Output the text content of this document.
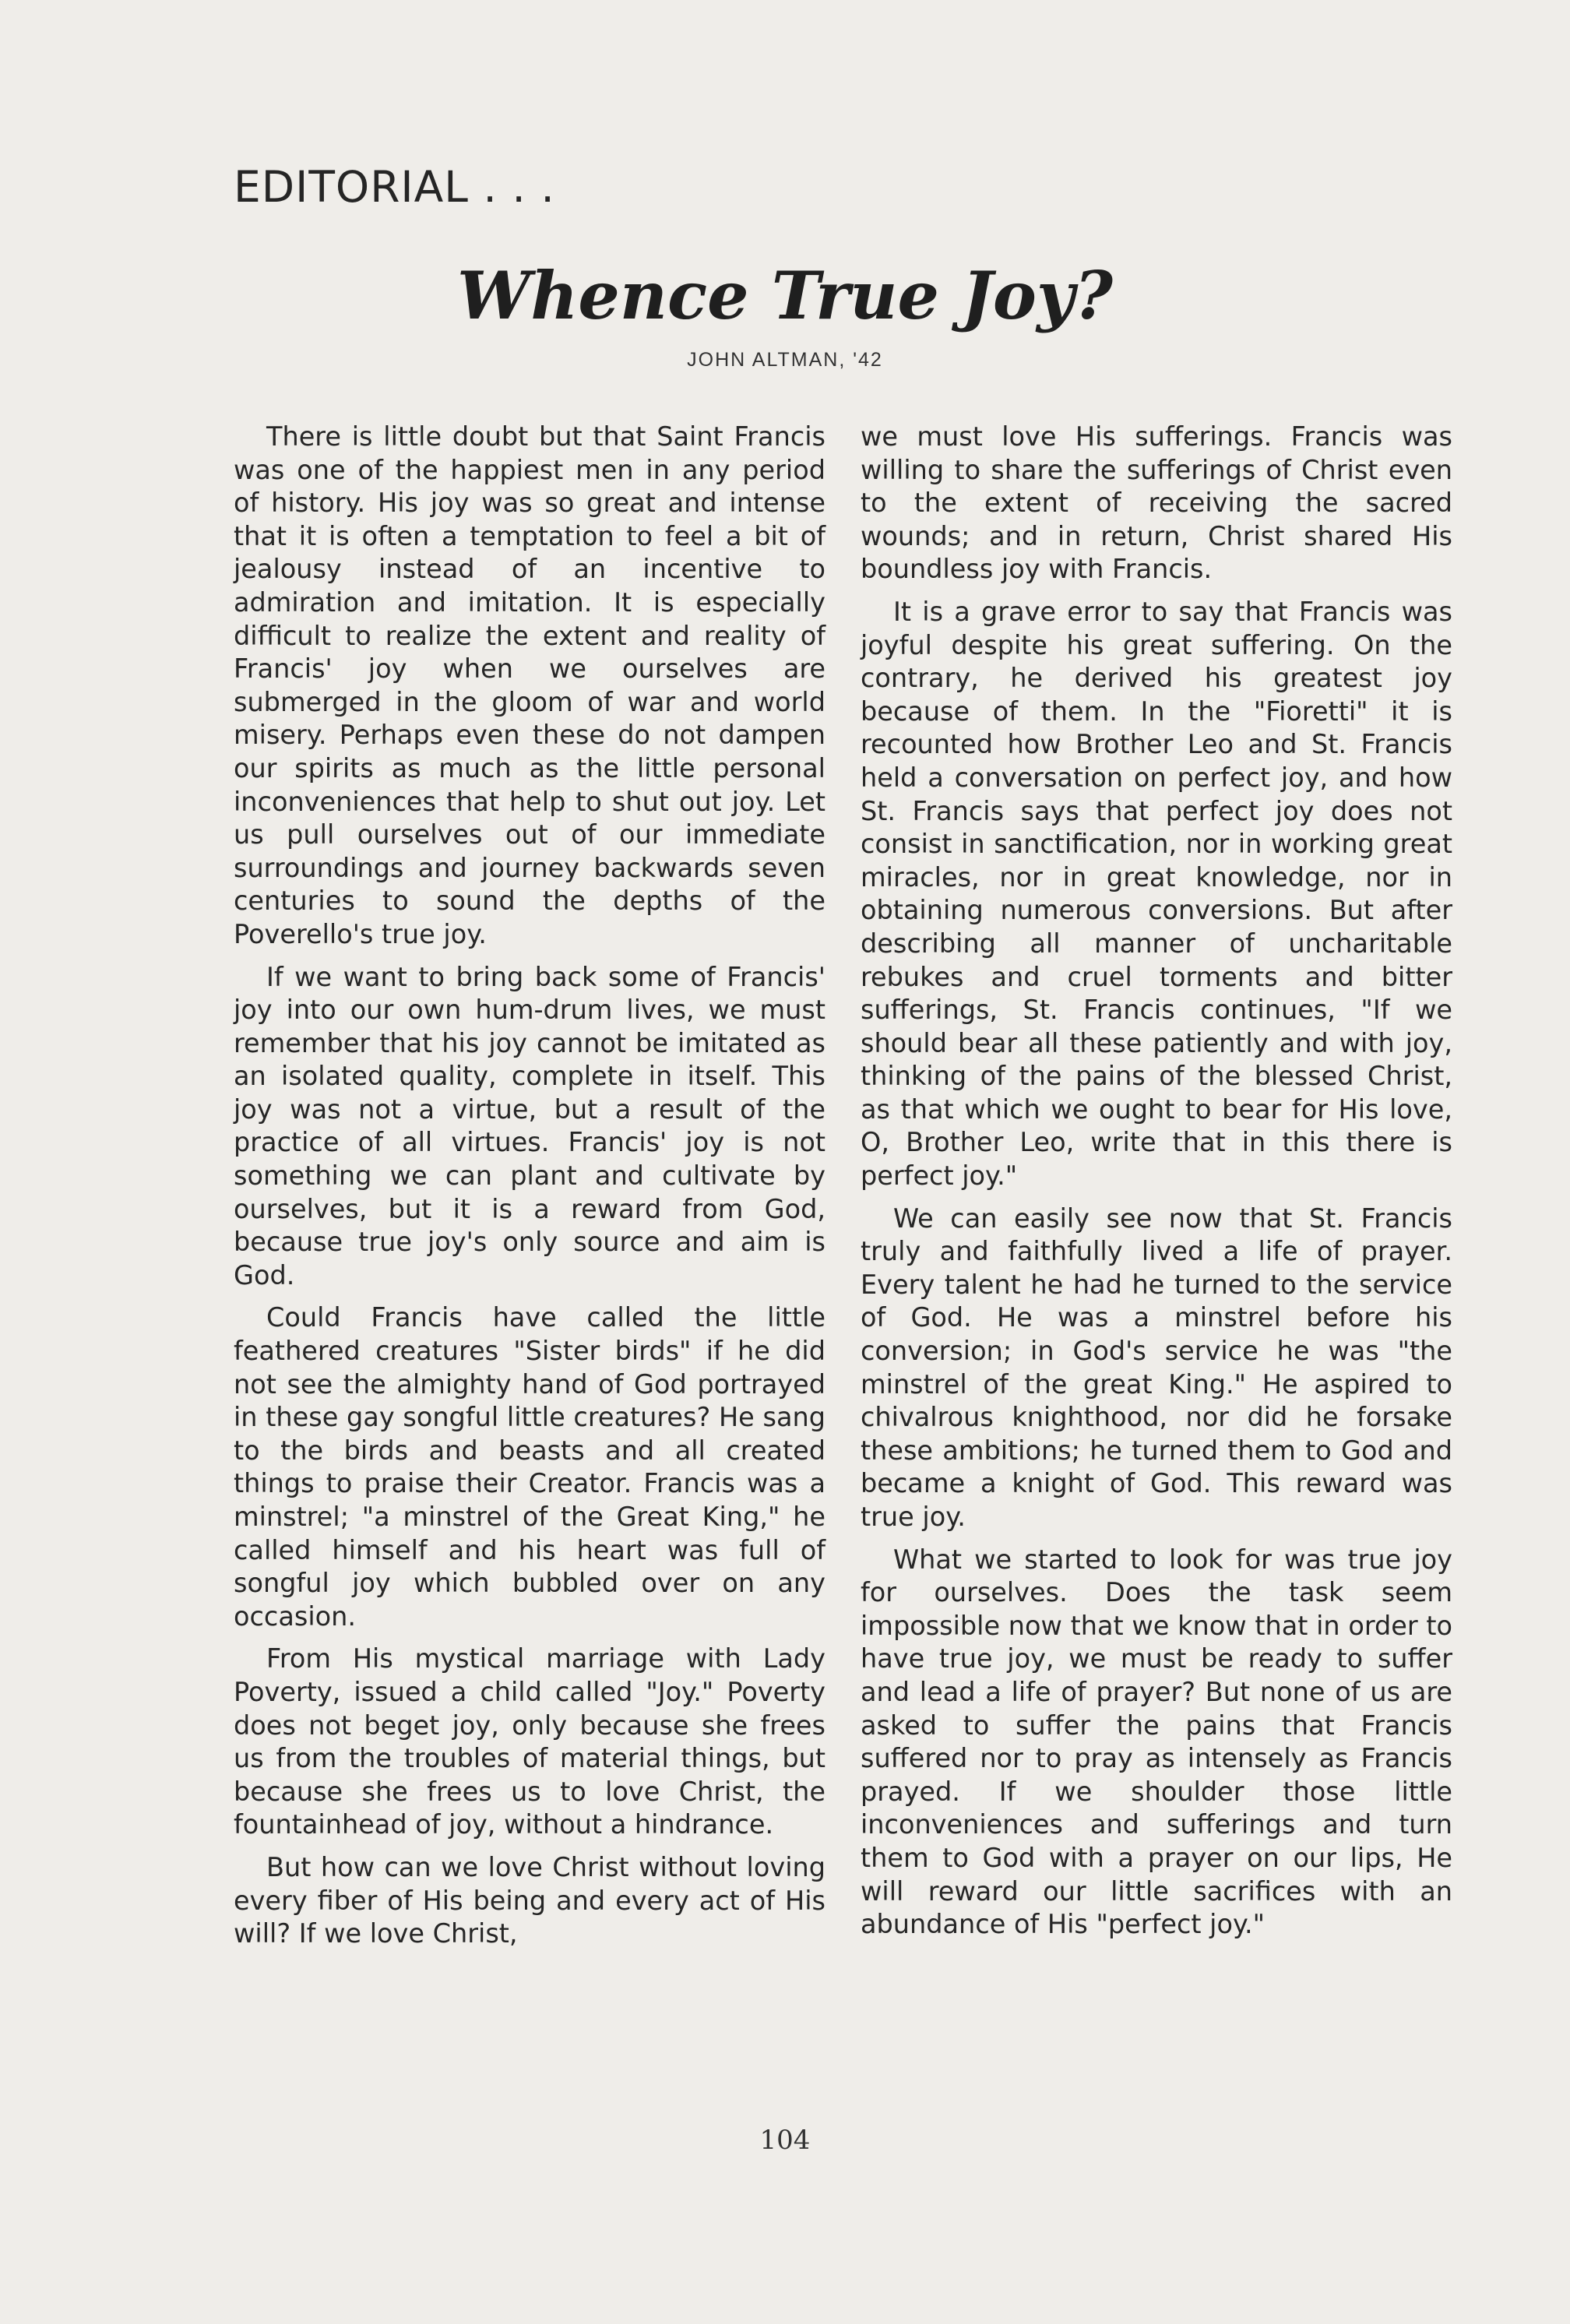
EDITORIAL . . .
Whence True Joy?
JOHN ALTMAN, '42

There is little doubt but that Saint Francis was one of the happiest men in any period of history. His joy was so great and intense that it is often a temptation to feel a bit of jealousy instead of an incentive to admiration and imitation. It is especially difficult to realize the extent and reality of Francis' joy when we ourselves are submerged in the gloom of war and world misery. Perhaps even these do not dampen our spirits as much as the little personal inconveniences that help to shut out joy. Let us pull ourselves out of our immediate surroundings and journey backwards seven centuries to sound the depths of the Poverello's true joy.

If we want to bring back some of Francis' joy into our own hum-drum lives, we must remember that his joy cannot be imitated as an isolated quality, complete in itself. This joy was not a virtue, but a result of the practice of all virtues. Francis' joy is not something we can plant and cultivate by ourselves, but it is a reward from God, because true joy's only source and aim is God.

Could Francis have called the little feathered creatures "Sister birds" if he did not see the almighty hand of God portrayed in these gay songful little creatures? He sang to the birds and beasts and all created things to praise their Creator. Francis was a minstrel; "a minstrel of the Great King," he called himself and his heart was full of songful joy which bubbled over on any occasion.

From His mystical marriage with Lady Poverty, issued a child called "Joy." Poverty does not beget joy, only because she frees us from the troubles of material things, but because she frees us to love Christ, the fountainhead of joy, without a hindrance.

But how can we love Christ without loving every fiber of His being and every act of His will? If we love Christ,

we must love His sufferings. Francis was willing to share the sufferings of Christ even to the extent of receiving the sacred wounds; and in return, Christ shared His boundless joy with Francis.

It is a grave error to say that Francis was joyful despite his great suffering. On the contrary, he derived his greatest joy because of them. In the "Fioretti" it is recounted how Brother Leo and St. Francis held a conversation on perfect joy, and how St. Francis says that perfect joy does not consist in sanctification, nor in working great miracles, nor in great knowledge, nor in obtaining numerous conversions. But after describing all manner of uncharitable rebukes and cruel torments and bitter sufferings, St. Francis continues, "If we should bear all these patiently and with joy, thinking of the pains of the blessed Christ, as that which we ought to bear for His love, O, Brother Leo, write that in this there is perfect joy."

We can easily see now that St. Francis truly and faithfully lived a life of prayer. Every talent he had he turned to the service of God. He was a minstrel before his conversion; in God's service he was "the minstrel of the great King." He aspired to chivalrous knighthood, nor did he forsake these ambitions; he turned them to God and became a knight of God. This reward was true joy.

What we started to look for was true joy for ourselves. Does the task seem impossible now that we know that in order to have true joy, we must be ready to suffer and lead a life of prayer? But none of us are asked to suffer the pains that Francis suffered nor to pray as intensely as Francis prayed. If we shoulder those little inconveniences and sufferings and turn them to God with a prayer on our lips, He will reward our little sacrifices with an abundance of His "perfect joy."

104
